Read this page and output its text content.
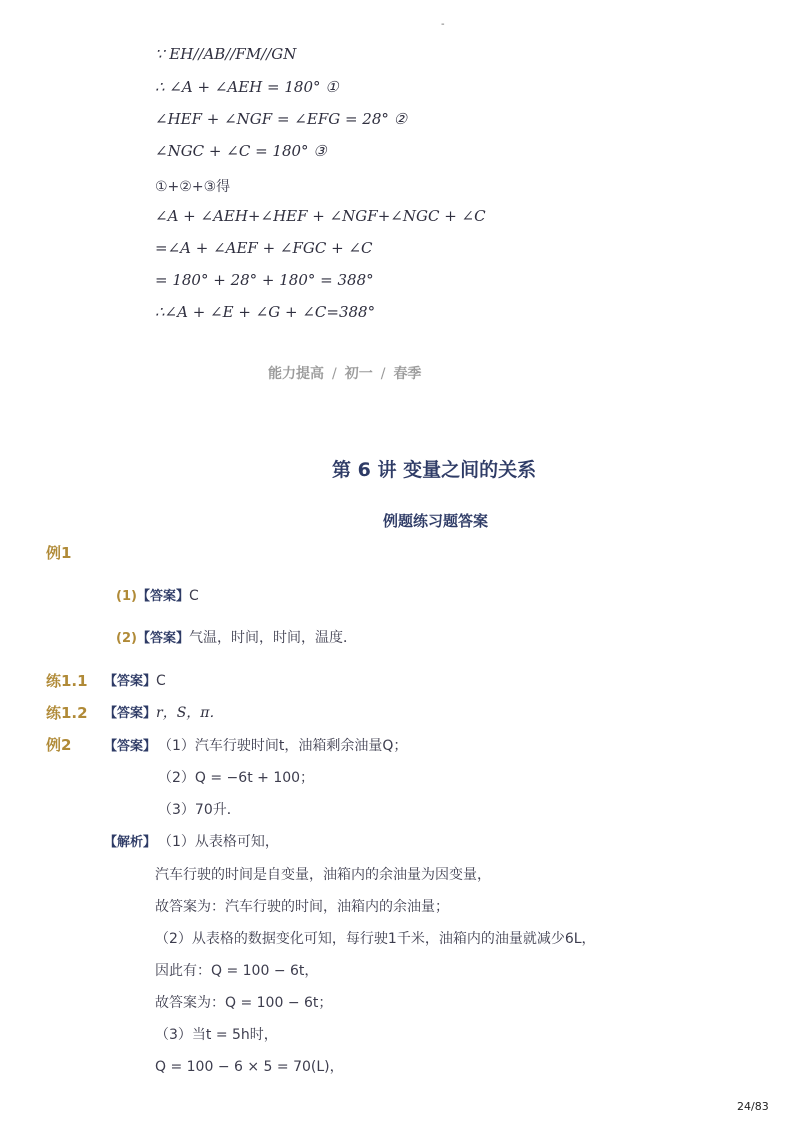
-
∵ EH//AB//FM//GN
∴ ∠A + ∠AEH = 180° ①
∠HEF + ∠NGF = ∠EFG = 28° ②
∠NGC + ∠C = 180° ③
①+②+③得
∠A + ∠AEH+∠HEF + ∠NGF+∠NGC + ∠C
=∠A + ∠AEF + ∠FGC + ∠C
= 180° + 28° + 180° = 388°
∴∠A + ∠E + ∠G + ∠C=388°
能力提高 / 初一 / 春季
第 6 讲 变量之间的关系
例题练习题答案
例1
(1)【答案】C
(2)【答案】气温，时间，时间，温度．
练1.1 【答案】C
练1.2 【答案】r，S，π．
例2	【答案】 （1）汽车行驶时间t，油箱剩余油量Q；
（2）Q = −6t + 100；
（3）70升．
【解析】 （1）从表格可知，
汽车行驶的时间是自变量，油箱内的余油量为因变量，
故答案为：汽车行驶的时间，油箱内的余油量；
（2）从表格的数据变化可知，每行驶1千米，油箱内的油量就减少6L，
因此有：Q = 100 − 6t，
故答案为：Q = 100 − 6t；
（3）当t = 5h时，
Q = 100 − 6 × 5 = 70(L)，
24/83
